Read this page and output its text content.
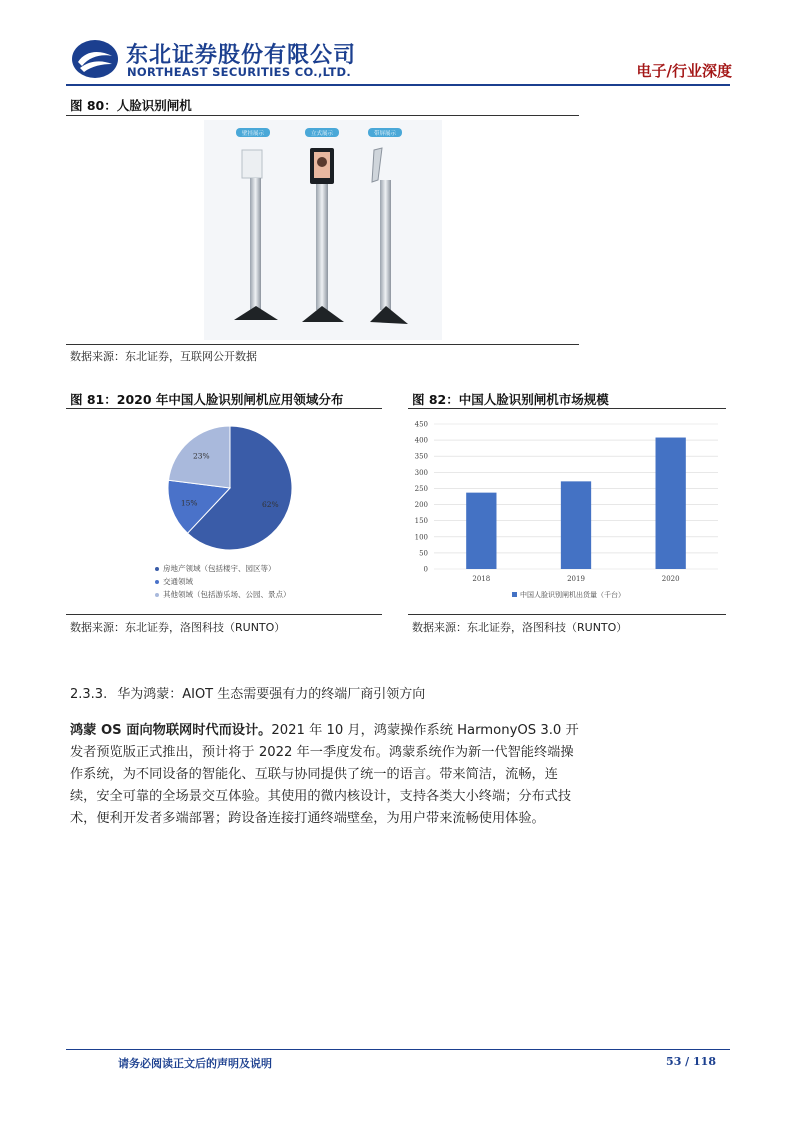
东北证券股份有限公司
NORTHEAST SECURITIES CO.,LTD.	电子/行业深度
图 80：人脸识别闸机
壁挂展示	立式展示	带屏展示
数据来源：东北证券，互联网公开数据
图 81：2020 年中国人脸识别闸机应用领域分布
62%
15%
23%
房地产领域（包括楼宇、园区等）
交通领域
其他领域（包括游乐场、公园、景点）
数据来源：东北证券，洛图科技（RUNTO）
图 82：中国人脸识别闸机市场规模
0
50
100
150
200
250
300
350
400
450
2018	2019	2020
中国人脸识别闸机出货量（千台）
数据来源：东北证券，洛图科技（RUNTO）
2.3.3. 华为鸿蒙：AIOT 生态需要强有力的终端厂商引领方向
鸿蒙 OS 面向物联网时代而设计。2021 年 10 月，鸿蒙操作系统 HarmonyOS 3.0 开发者预览版正式推出，预计将于 2022 年一季度发布。鸿蒙系统作为新一代智能终端操作系统，为不同设备的智能化、互联与协同提供了统一的语言。带来简洁，流畅，连续，安全可靠的全场景交互体验。其使用的微内核设计，支持各类大小终端；分布式技术，便利开发者多端部署；跨设备连接打通终端壁垒，为用户带来流畅使用体验。
请务必阅读正文后的声明及说明	53 / 118
